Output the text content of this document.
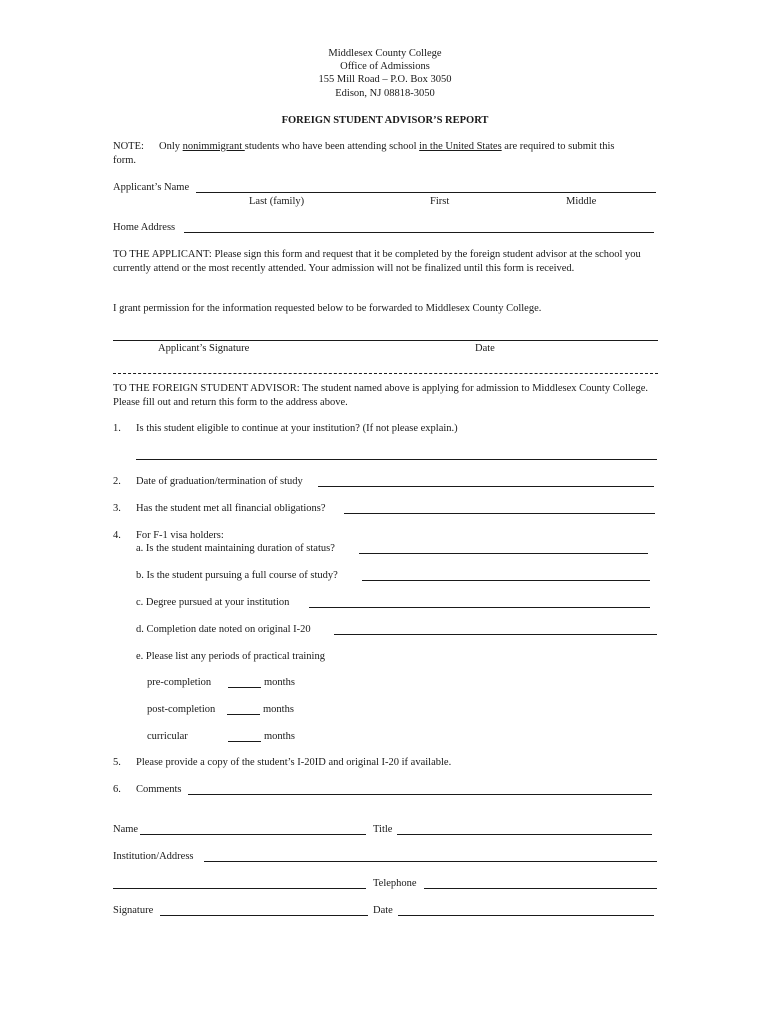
Middlesex County College
Office of Admissions
155 Mill Road – P.O. Box 3050
Edison, NJ 08818-3050
FOREIGN STUDENT ADVISOR’S REPORT
NOTE: Only nonimmigrant students who have been attending school in the United States are required to submit this
form.
Applicant’s Name
Last (family)	First	Middle
Home Address
TO THE APPLICANT: Please sign this form and request that it be completed by the foreign student advisor at the school you currently attend or the most recently attended. Your admission will not be finalized until this form is received.
I grant permission for the information requested below to be forwarded to Middlesex County College.
Applicant’s Signature	Date
TO THE FOREIGN STUDENT ADVISOR: The student named above is applying for admission to Middlesex County College. Please fill out and return this form to the address above.
1. Is this student eligible to continue at your institution? (If not please explain.)
2. Date of graduation/termination of study
3. Has the student met all financial obligations?
4. For F-1 visa holders:
a. Is the student maintaining duration of status?
b. Is the student pursuing a full course of study?
c. Degree pursued at your institution
d. Completion date noted on original I-20
e. Please list any periods of practical training
pre-completion	months
post-completion	months
curricular	months
5. Please provide a copy of the student’s I-20ID and original I-20 if available.
6. Comments
Name	Title
Institution/Address
Telephone
Signature	Date
